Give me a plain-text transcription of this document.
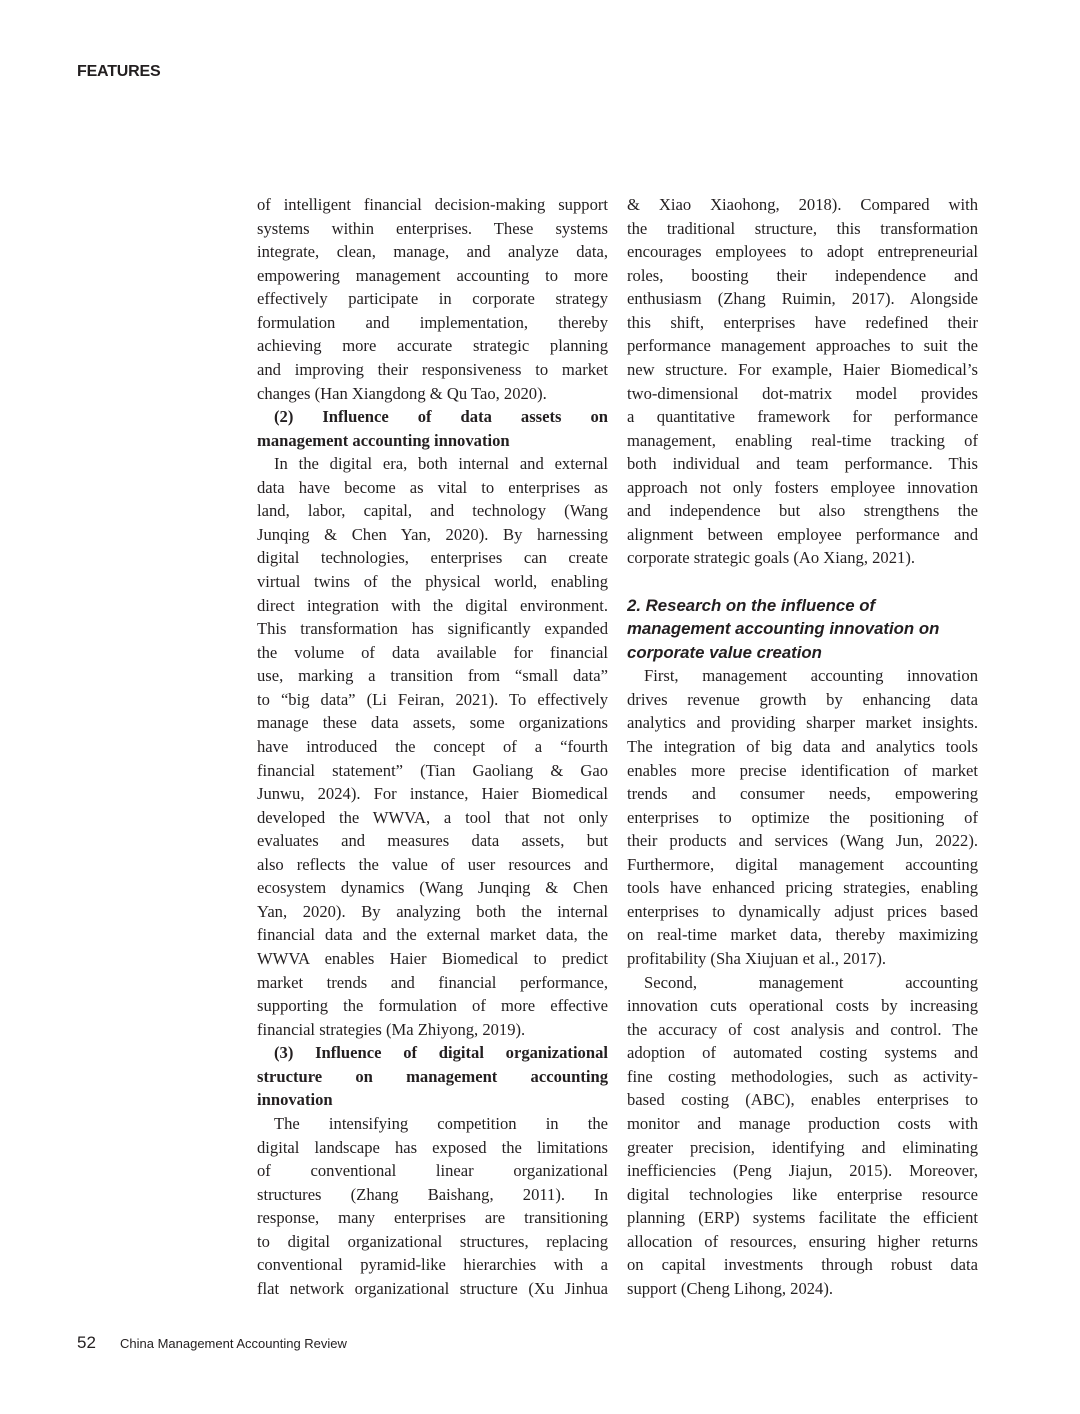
FEATURES
of intelligent financial decision-making support
systems within enterprises. These systems
integrate, clean, manage, and analyze data,
empowering management accounting to more
effectively participate in corporate strategy
formulation and implementation, thereby
achieving more accurate strategic planning
and improving their responsiveness to market
changes (Han Xiangdong & Qu Tao, 2020).
(2) Influence of data assets on
management accounting innovation
In the digital era, both internal and external
data have become as vital to enterprises as
land, labor, capital, and technology (Wang
Junqing & Chen Yan, 2020). By harnessing
digital technologies, enterprises can create
virtual twins of the physical world, enabling
direct integration with the digital environment.
This transformation has significantly expanded
the volume of data available for financial
use, marking a transition from “small data”
to “big data” (Li Feiran, 2021). To effectively
manage these data assets, some organizations
have introduced the concept of a “fourth
financial statement” (Tian Gaoliang & Gao
Junwu, 2024). For instance, Haier Biomedical
developed the WWVA, a tool that not only
evaluates and measures data assets, but
also reflects the value of user resources and
ecosystem dynamics (Wang Junqing & Chen
Yan, 2020). By analyzing both the internal
financial data and the external market data, the
WWVA enables Haier Biomedical to predict
market trends and financial performance,
supporting the formulation of more effective
financial strategies (Ma Zhiyong, 2019).
(3) Influence of digital organizational
structure on management accounting
innovation
The intensifying competition in the
digital landscape has exposed the limitations
of conventional linear organizational
structures (Zhang Baishang, 2011). In
response, many enterprises are transitioning
to digital organizational structures, replacing
conventional pyramid-like hierarchies with a
flat network organizational structure (Xu Jinhua
& Xiao Xiaohong, 2018). Compared with
the traditional structure, this transformation
encourages employees to adopt entrepreneurial
roles, boosting their independence and
enthusiasm (Zhang Ruimin, 2017). Alongside
this shift, enterprises have redefined their
performance management approaches to suit the
new structure. For example, Haier Biomedical’s
two-dimensional dot-matrix model provides
a quantitative framework for performance
management, enabling real-time tracking of
both individual and team performance. This
approach not only fosters employee innovation
and independence but also strengthens the
alignment between employee performance and
corporate strategic goals (Ao Xiang, 2021).
2. Research on the influence of
management accounting innovation on
corporate value creation
First, management accounting innovation
drives revenue growth by enhancing data
analytics and providing sharper market insights.
The integration of big data and analytics tools
enables more precise identification of market
trends and consumer needs, empowering
enterprises to optimize the positioning of
their products and services (Wang Jun, 2022).
Furthermore, digital management accounting
tools have enhanced pricing strategies, enabling
enterprises to dynamically adjust prices based
on real-time market data, thereby maximizing
profitability (Sha Xiujuan et al., 2017).
Second, management accounting
innovation cuts operational costs by increasing
the accuracy of cost analysis and control. The
adoption of automated costing systems and
fine costing methodologies, such as activity-
based costing (ABC), enables enterprises to
monitor and manage production costs with
greater precision, identifying and eliminating
inefficiencies (Peng Jiajun, 2015). Moreover,
digital technologies like enterprise resource
planning (ERP) systems facilitate the efficient
allocation of resources, ensuring higher returns
on capital investments through robust data
support (Cheng Lihong, 2024).
52 China Management Accounting Review
